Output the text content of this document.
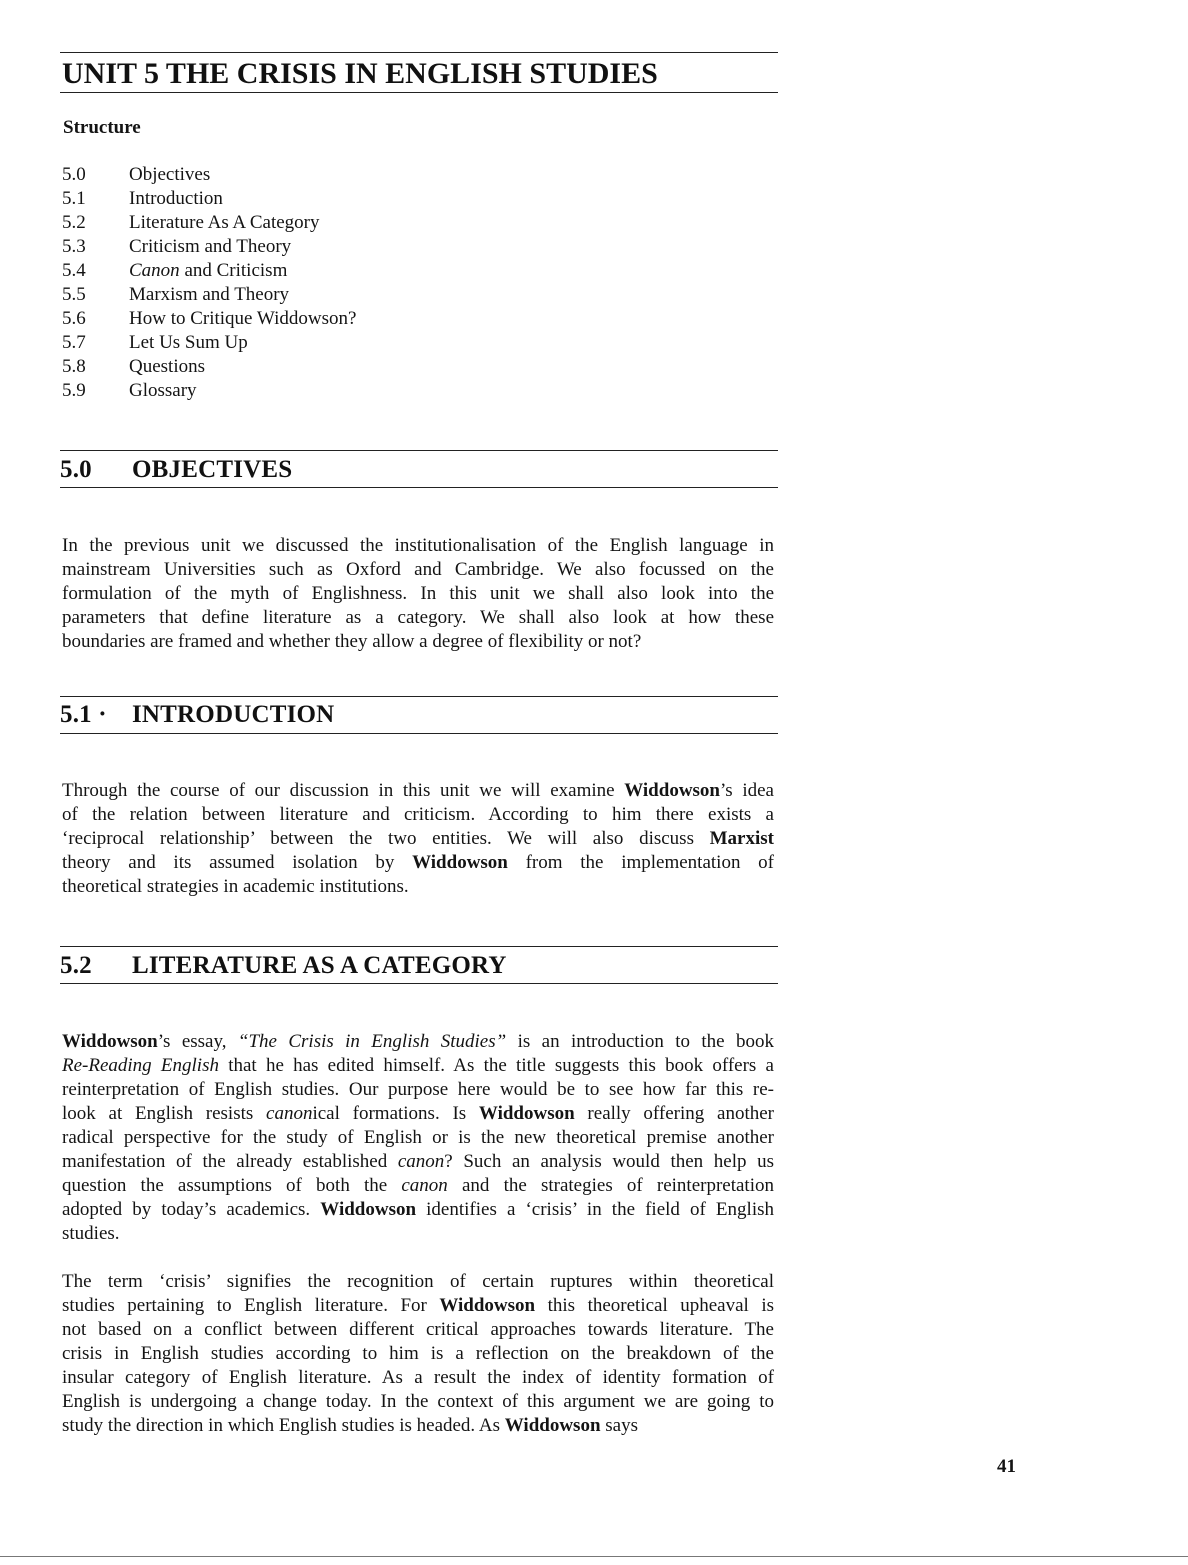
UNIT 5 THE CRISIS IN ENGLISH STUDIES
Structure
5.0	Objectives
5.1	Introduction
5.2	Literature As A Category
5.3	Criticism and Theory
5.4	Canon and Criticism
5.5	Marxism and Theory
5.6	How to Critique Widdowson?
5.7	Let Us Sum Up
5.8	Questions
5.9	Glossary
5.0 OBJECTIVES
In the previous unit we discussed the institutionalisation of the English language in
mainstream Universities such as Oxford and Cambridge. We also focussed on the
formulation of the myth of Englishness. In this unit we shall also look into the
parameters that define literature as a category. We shall also look at how these
boundaries are framed and whether they allow a degree of flexibility or not?
5.1 · INTRODUCTION
Through the course of our discussion in this unit we will examine Widdowson’s idea
of the relation between literature and criticism. According to him there exists a
‘reciprocal relationship’ between the two entities. We will also discuss Marxist
theory and its assumed isolation by Widdowson from the implementation of
theoretical strategies in academic institutions.
5.2 LITERATURE AS A CATEGORY
Widdowson’s essay, “The Crisis in English Studies” is an introduction to the book
Re-Reading English that he has edited himself. As the title suggests this book offers a
reinterpretation of English studies. Our purpose here would be to see how far this re-
look at English resists canonical formations. Is Widdowson really offering another
radical perspective for the study of English or is the new theoretical premise another
manifestation of the already established canon? Such an analysis would then help us
question the assumptions of both the canon and the strategies of reinterpretation
adopted by today’s academics. Widdowson identifies a ‘crisis’ in the field of English
studies.
The term ‘crisis’ signifies the recognition of certain ruptures within theoretical
studies pertaining to English literature. For Widdowson this theoretical upheaval is
not based on a conflict between different critical approaches towards literature. The
crisis in English studies according to him is a reflection on the breakdown of the
insular category of English literature. As a result the index of identity formation of
English is undergoing a change today. In the context of this argument we are going to
study the direction in which English studies is headed. As Widdowson says
41
